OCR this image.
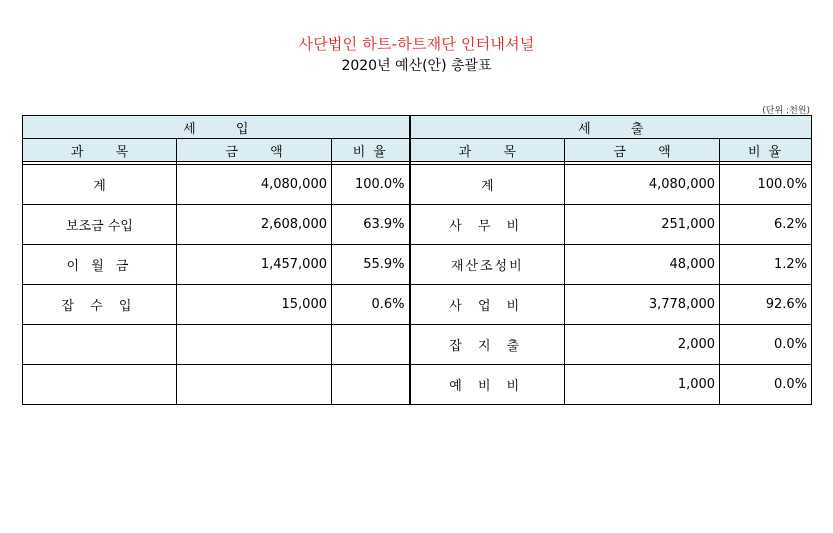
사단법인 하트-하트재단 인터내셔널
2020년 예산(안) 총괄표
(단위 :천원)
세 입			세 출		
과 목	금 액	비율	과 목	금 액	비율

계	4,080,000	100.0%	계	4,080,000	100.0%
보조금 수입	2,608,000	63.9%	사 무 비	251,000	6.2%
이 월 금	1,457,000	55.9%	재산조성비	48,000	1.2%
잡 수 입	15,000	0.6%	사 업 비	3,778,000	92.6%
			잡 지 출	2,000	0.0%
			예 비 비	1,000	0.0%
